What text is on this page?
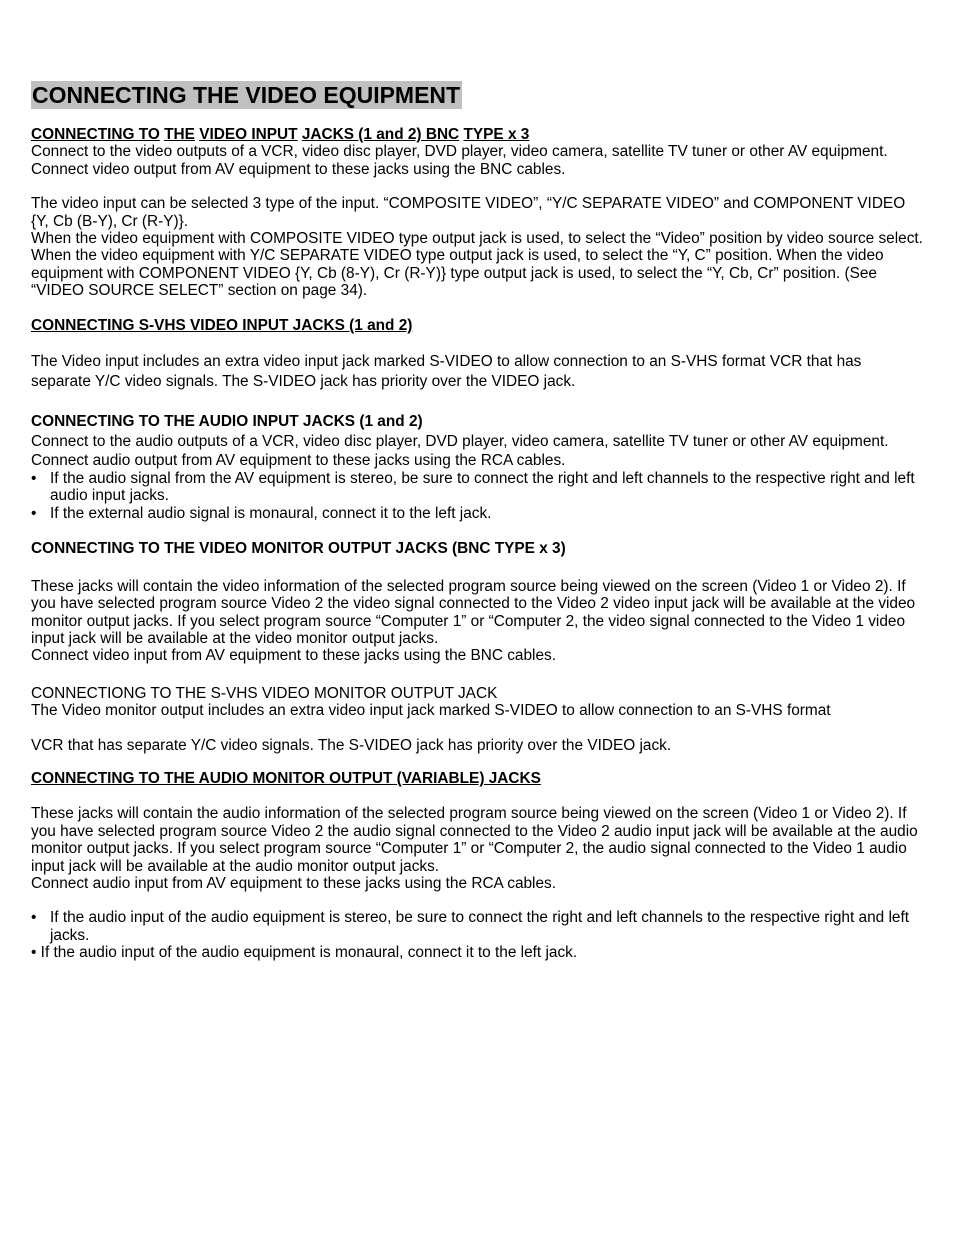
CONNECTING THE VIDEO EQUIPMENT
CONNECTING TO THE VIDEO INPUT JACKS (1 and 2) BNC TYPE x 3

Connect to the video outputs of a VCR, video disc player, DVD player, video camera, satellite TV tuner or other AV equipment. Connect video output from AV equipment to these jacks using the BNC cables.

The video input can be selected 3 type of the input. “COMPOSITE VIDEO”, “Y/C SEPARATE VIDEO” and COMPONENT VIDEO {Y, Cb (B-Y), Cr (R-Y)}.

When the video equipment with COMPOSITE VIDEO type output jack is used, to select the “Video” position by video source select. When the video equipment with Y/C SEPARATE VIDEO type output jack is used, to select the “Y, C” position. When the video equipment with COMPONENT VIDEO {Y, Cb (8-Y), Cr (R-Y)} type output jack is used, to select the “Y, Cb, Cr” position. (See “VIDEO SOURCE SELECT” section on page 34).

CONNECTING S-VHS VIDEO INPUT JACKS (1 and 2)

The Video input includes an extra video input jack marked S-VIDEO to allow connection to an S-VHS format VCR that has separate Y/C video signals. The S-VIDEO jack has priority over the VIDEO jack.

CONNECTING TO THE AUDIO INPUT JACKS (1 and 2)

Connect to the audio outputs of a VCR, video disc player, DVD player, video camera, satellite TV tuner or other AV equipment. Connect audio output from AV equipment to these jacks using the RCA cables.

• If the audio signal from the AV equipment is stereo, be sure to connect the right and left channels to the respective right and left audio input jacks.
• If the external audio signal is monaural, connect it to the left jack.
CONNECTING TO THE VIDEO MONITOR OUTPUT JACKS (BNC TYPE x 3)

These jacks will contain the video information of the selected program source being viewed on the screen (Video 1 or Video 2). If you have selected program source Video 2 the video signal connected to the Video 2 video input jack will be available at the video monitor output jacks. If you select program source “Computer 1” or “Computer 2, the video signal connected to the Video 1 video input jack will be available at the video monitor output jacks.

Connect video input from AV equipment to these jacks using the BNC cables.

CONNECTIONG TO THE S-VHS VIDEO MONITOR OUTPUT JACK

The Video monitor output includes an extra video input jack marked S-VIDEO to allow connection to an S-VHS format

VCR that has separate Y/C video signals. The S-VIDEO jack has priority over the VIDEO jack.

CONNECTING TO THE AUDIO MONITOR OUTPUT (VARIABLE) JACKS

These jacks will contain the audio information of the selected program source being viewed on the screen (Video 1 or Video 2). If you have selected program source Video 2 the audio signal connected to the Video 2 audio input jack will be available at the audio monitor output jacks. If you select program source “Computer 1” or “Computer 2, the audio signal connected to the Video 1 audio input jack will be available at the audio monitor output jacks.

Connect audio input from AV equipment to these jacks using the RCA cables.

• If the audio input of the audio equipment is stereo, be sure to connect the right and left channels to the respective right and left jacks.

• If the audio input of the audio equipment is monaural, connect it to the left jack.
